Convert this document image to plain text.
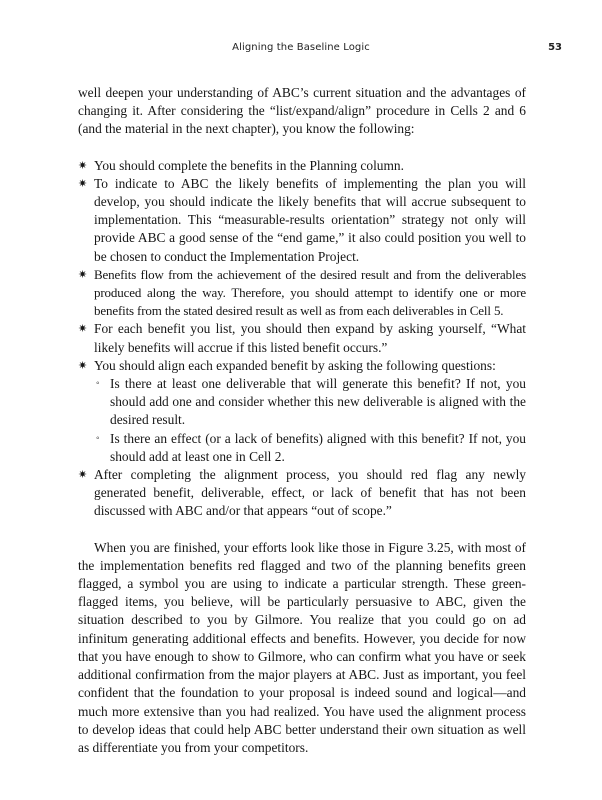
Aligning the Baseline Logic	53

well deepen your understanding of ABC’s current situation and the advantages of changing it. After considering the “list/expand/align” procedure in Cells 2 and 6 (and the material in the next chapter), you know the following:

✷ You should complete the benefits in the Planning column.
✷ To indicate to ABC the likely benefits of implementing the plan you will develop, you should indicate the likely benefits that will accrue subsequent to implementation. This “measurable-results orientation” strategy not only will provide ABC a good sense of the “end game,” it also could position you well to be chosen to conduct the Implementation Project.
✷ Benefits flow from the achievement of the desired result and from the deliverables produced along the way. Therefore, you should attempt to identify one or more benefits from the stated desired result as well as from each deliverables in Cell 5.
✷ For each benefit you list, you should then expand by asking yourself, “What likely benefits will accrue if this listed benefit occurs.”
✷ You should align each expanded benefit by asking the following questions:
◦ Is there at least one deliverable that will generate this benefit? If not, you should add one and consider whether this new deliverable is aligned with the desired result.
◦ Is there an effect (or a lack of benefits) aligned with this benefit? If not, you should add at least one in Cell 2.
✷ After completing the alignment process, you should red flag any newly generated benefit, deliverable, effect, or lack of benefit that has not been discussed with ABC and/or that appears “out of scope.”

When you are finished, your efforts look like those in Figure 3.25, with most of the implementation benefits red flagged and two of the planning benefits green flagged, a symbol you are using to indicate a particular strength. These green-flagged items, you believe, will be particularly persuasive to ABC, given the situation described to you by Gilmore. You realize that you could go on ad infinitum generating additional effects and benefits. However, you decide for now that you have enough to show to Gilmore, who can confirm what you have or seek additional confirmation from the major players at ABC. Just as important, you feel confident that the foundation to your proposal is indeed sound and logical—and much more extensive than you had realized. You have used the alignment process to develop ideas that could help ABC better understand their own situation as well as differentiate you from your competitors.
